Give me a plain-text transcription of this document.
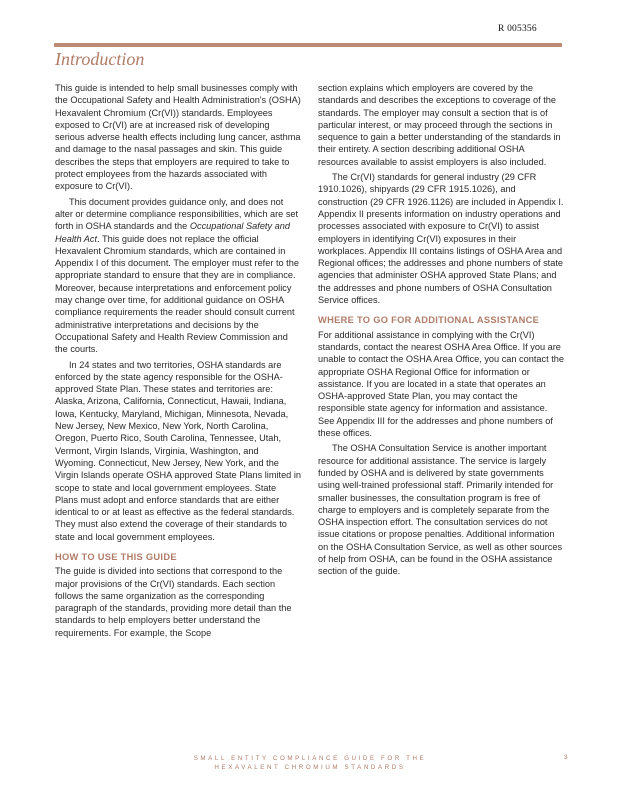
R 005356
Introduction

This guide is intended to help small businesses comply with the Occupational Safety and Health Administration's (OSHA) Hexavalent Chromium (Cr(VI)) standards. Employees exposed to Cr(VI) are at increased risk of developing serious adverse health effects including lung cancer, asthma and damage to the nasal passages and skin. This guide describes the steps that employers are required to take to protect employees from the hazards associated with exposure to Cr(VI).

This document provides guidance only, and does not alter or determine compliance responsibilities, which are set forth in OSHA standards and the Occupational Safety and Health Act. This guide does not replace the official Hexavalent Chromium standards, which are contained in Appendix I of this document. The employer must refer to the appropriate standard to ensure that they are in compliance. Moreover, because interpretations and enforcement policy may change over time, for additional guidance on OSHA compliance requirements the reader should consult current administrative interpretations and decisions by the Occupational Safety and Health Review Commission and the courts.

In 24 states and two territories, OSHA standards are enforced by the state agency responsible for the OSHA-approved State Plan. These states and territories are: Alaska, Arizona, California, Connecticut, Hawaii, Indiana, Iowa, Kentucky, Maryland, Michigan, Minnesota, Nevada, New Jersey, New Mexico, New York, North Carolina, Oregon, Puerto Rico, South Carolina, Tennessee, Utah, Vermont, Virgin Islands, Virginia, Washington, and Wyoming. Connecticut, New Jersey, New York, and the Virgin Islands operate OSHA approved State Plans limited in scope to state and local government employees. State Plans must adopt and enforce standards that are either identical to or at least as effective as the federal standards. They must also extend the coverage of their standards to state and local government employees.

HOW TO USE THIS GUIDE

The guide is divided into sections that correspond to the major provisions of the Cr(VI) standards. Each section follows the same organization as the corresponding paragraph of the standards, providing more detail than the standards to help employers better understand the requirements. For example, the Scope

section explains which employers are covered by the standards and describes the exceptions to coverage of the standards. The employer may consult a section that is of particular interest, or may proceed through the sections in sequence to gain a better understanding of the standards in their entirety. A section describing additional OSHA resources available to assist employers is also included.

The Cr(VI) standards for general industry (29 CFR 1910.1026), shipyards (29 CFR 1915.1026), and construction (29 CFR 1926.1126) are included in Appendix I. Appendix II presents information on industry operations and processes associated with exposure to Cr(VI) to assist employers in identifying Cr(VI) exposures in their workplaces. Appendix III contains listings of OSHA Area and Regional offices; the addresses and phone numbers of state agencies that administer OSHA approved State Plans; and the addresses and phone numbers of OSHA Consultation Service offices.

WHERE TO GO FOR ADDITIONAL ASSISTANCE

For additional assistance in complying with the Cr(VI) standards, contact the nearest OSHA Area Office. If you are unable to contact the OSHA Area Office, you can contact the appropriate OSHA Regional Office for information or assistance. If you are located in a state that operates an OSHA-approved State Plan, you may contact the responsible state agency for information and assistance. See Appendix III for the addresses and phone numbers of these offices.

The OSHA Consultation Service is another important resource for additional assistance. The service is largely funded by OSHA and is delivered by state governments using well-trained professional staff. Primarily intended for smaller businesses, the consultation program is free of charge to employers and is completely separate from the OSHA inspection effort. The consultation services do not issue citations or propose penalties. Additional information on the OSHA Consultation Service, as well as other sources of help from OSHA, can be found in the OSHA assistance section of the guide.

SMALL ENTITY COMPLIANCE GUIDE FOR THE
HEXAVALENT CHROMIUM STANDARDS
3
